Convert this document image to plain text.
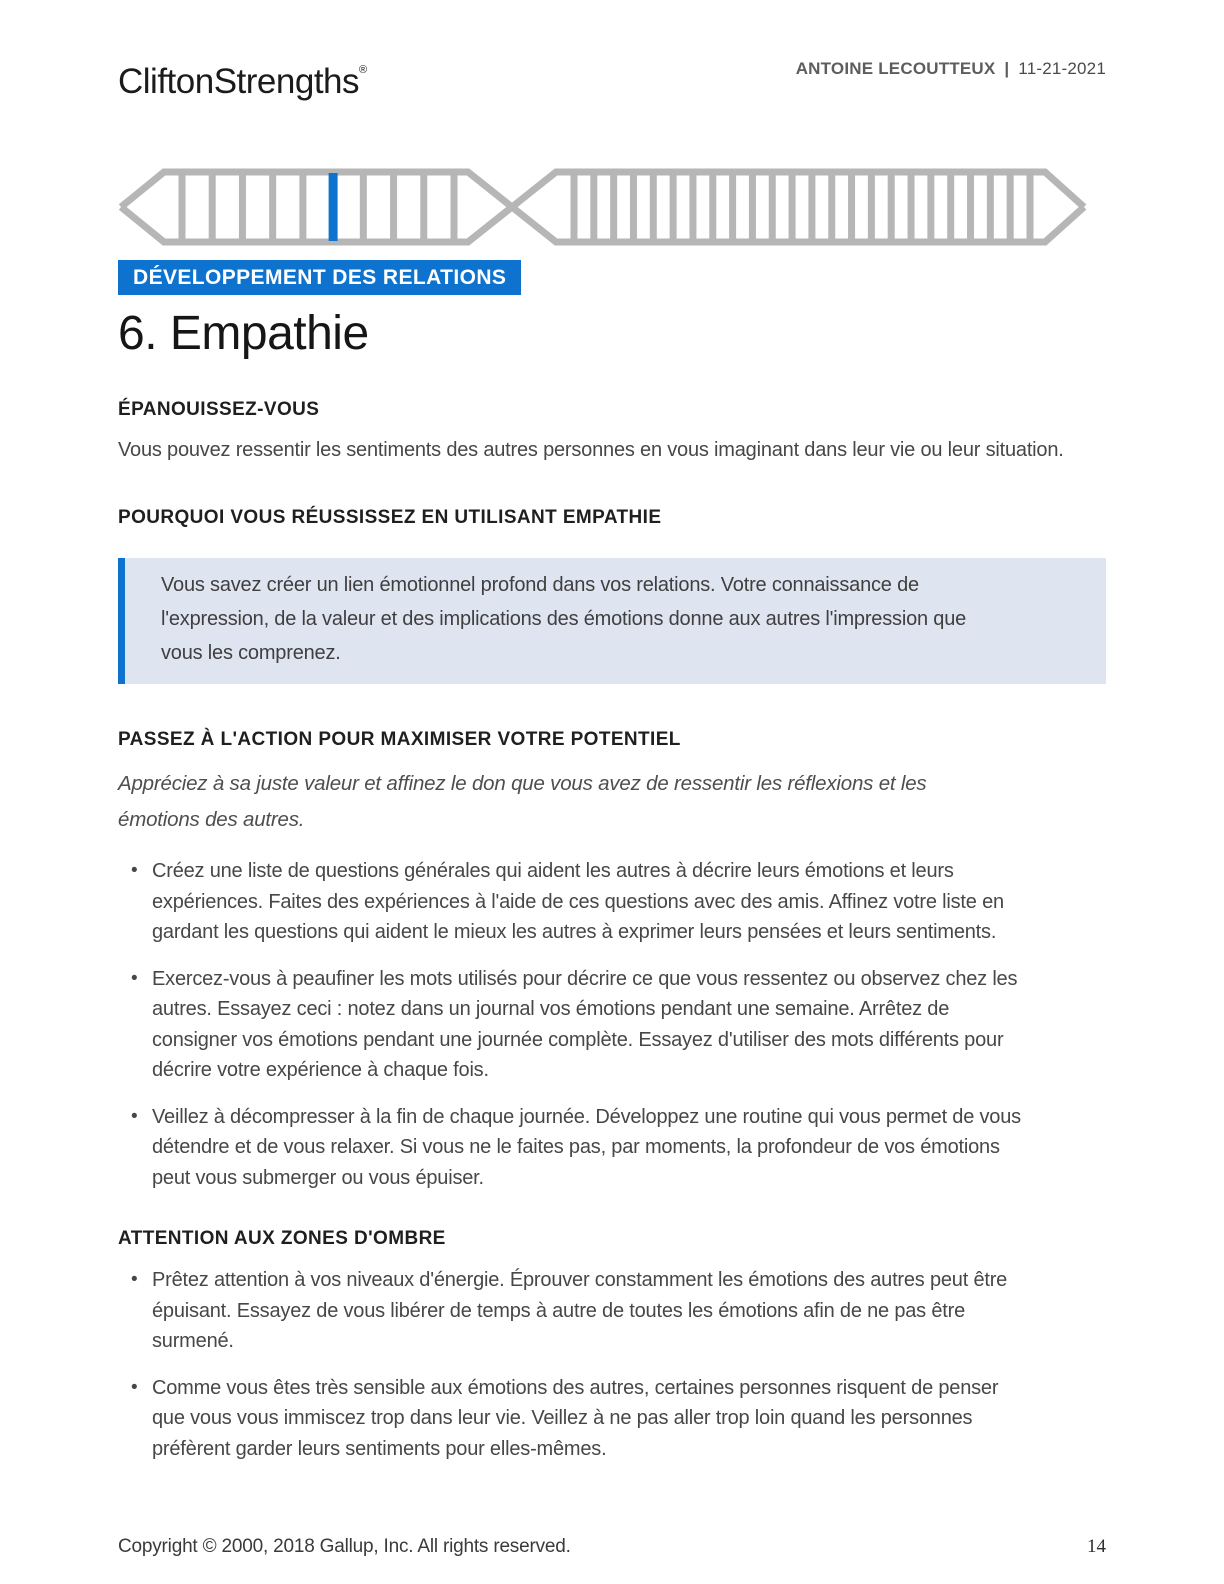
CliftonStrengths®	ANTOINE LECOUTTEUX | 11-21-2021
DÉVELOPPEMENT DES RELATIONS
6. Empathie
ÉPANOUISSEZ-VOUS

Vous pouvez ressentir les sentiments des autres personnes en vous imaginant dans leur vie ou leur situation.

POURQUOI VOUS RÉUSSISSEZ EN UTILISANT EMPATHIE
Vous savez créer un lien émotionnel profond dans vos relations. Votre connaissance de l'expression, de la valeur et des implications des émotions donne aux autres l'impression que vous les comprenez.
PASSEZ À L'ACTION POUR MAXIMISER VOTRE POTENTIEL

Appréciez à sa juste valeur et affinez le don que vous avez de ressentir les réflexions et les émotions des autres.

• Créez une liste de questions générales qui aident les autres à décrire leurs émotions et leurs expériences. Faites des expériences à l'aide de ces questions avec des amis. Affinez votre liste en gardant les questions qui aident le mieux les autres à exprimer leurs pensées et leurs sentiments.
• Exercez-vous à peaufiner les mots utilisés pour décrire ce que vous ressentez ou observez chez les autres. Essayez ceci : notez dans un journal vos émotions pendant une semaine. Arrêtez de consigner vos émotions pendant une journée complète. Essayez d'utiliser des mots différents pour décrire votre expérience à chaque fois.
• Veillez à décompresser à la fin de chaque journée. Développez une routine qui vous permet de vous détendre et de vous relaxer. Si vous ne le faites pas, par moments, la profondeur de vos émotions peut vous submerger ou vous épuiser.
ATTENTION AUX ZONES D'OMBRE
• Prêtez attention à vos niveaux d'énergie. Éprouver constamment les émotions des autres peut être épuisant. Essayez de vous libérer de temps à autre de toutes les émotions afin de ne pas être surmené.
• Comme vous êtes très sensible aux émotions des autres, certaines personnes risquent de penser que vous vous immiscez trop dans leur vie. Veillez à ne pas aller trop loin quand les personnes préfèrent garder leurs sentiments pour elles-mêmes.
Copyright © 2000, 2018 Gallup, Inc. All rights reserved.	14
